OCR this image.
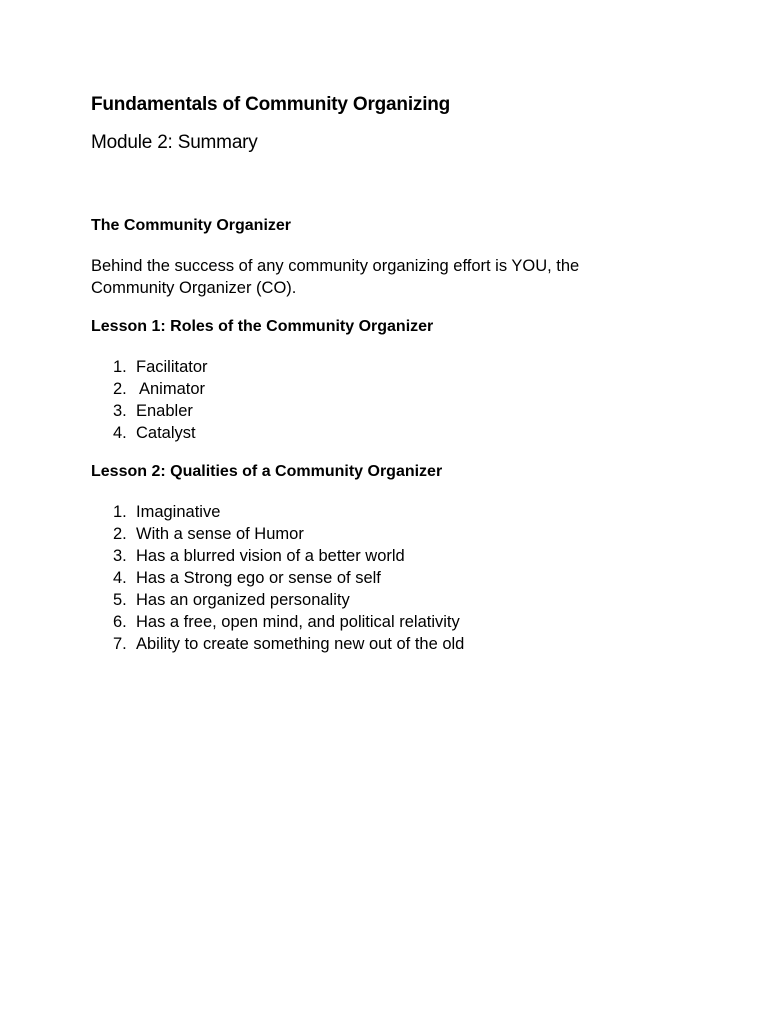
Fundamentals of Community Organizing
Module 2: Summary
The Community Organizer

Behind the success of any community organizing effort is YOU, the
Community Organizer (CO).

Lesson 1: Roles of the Community Organizer
1. Facilitator
2. Animator
3. Enabler
4. Catalyst
Lesson 2: Qualities of a Community Organizer
1. Imaginative
2. With a sense of Humor
3. Has a blurred vision of a better world
4. Has a Strong ego or sense of self
5. Has an organized personality
6. Has a free, open mind, and political relativity
7. Ability to create something new out of the old
